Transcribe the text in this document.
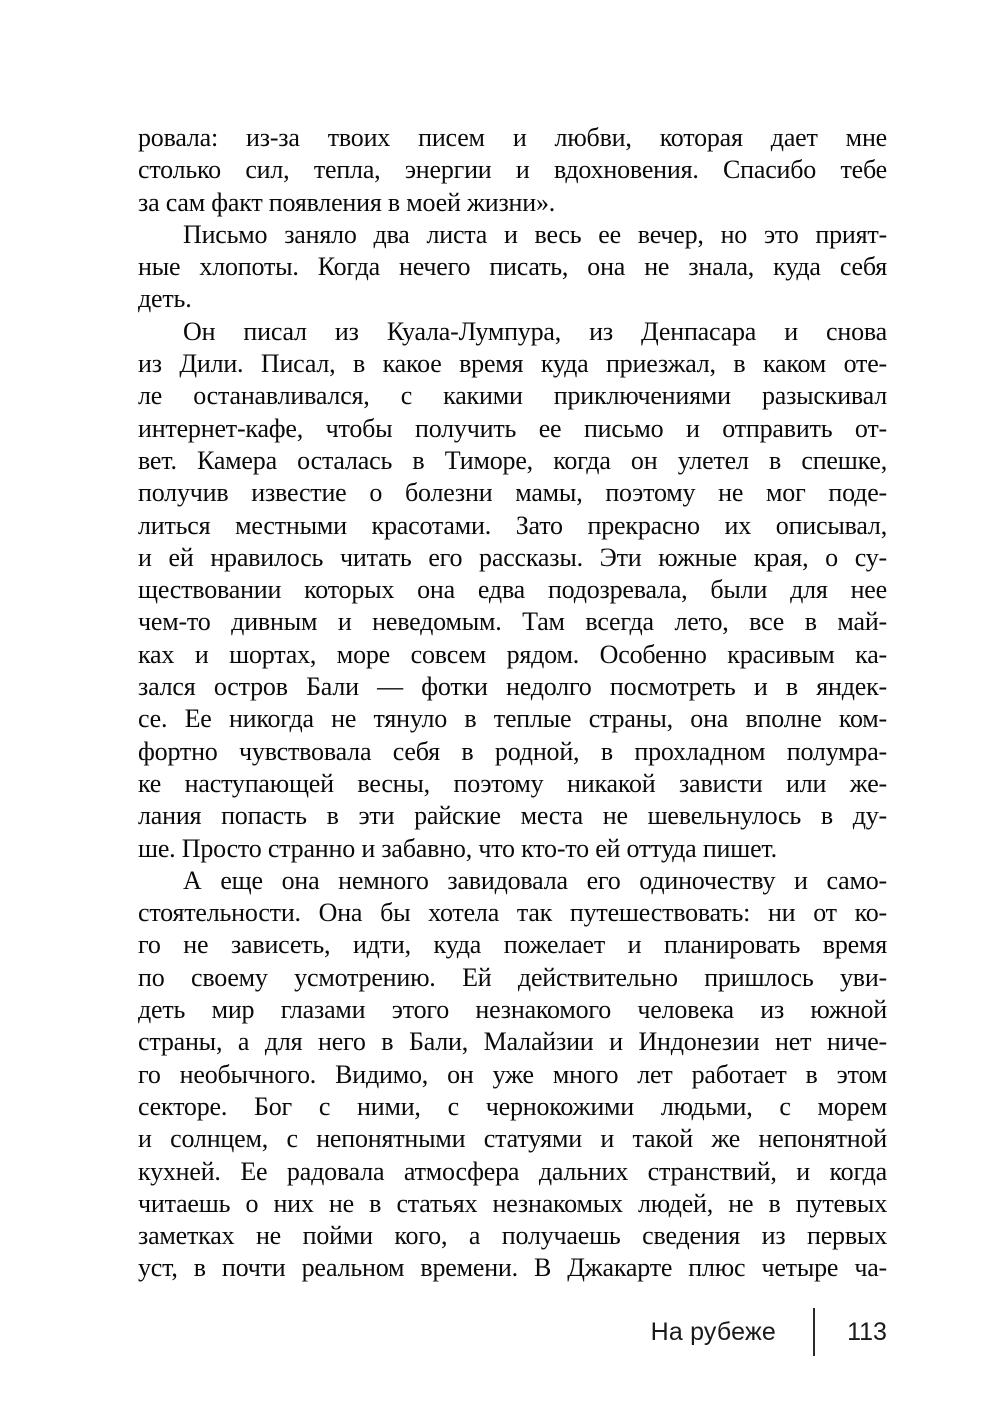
ровала: из-за твоих писем и любви, которая дает мне
столько сил, тепла, энергии и вдохновения. Спасибо тебе
за сам факт появления в моей жизни».
Письмо заняло два листа и весь ее вечер, но это прият-
ные хлопоты. Когда нечего писать, она не знала, куда себя
деть.
Он писал из Куала-Лумпура, из Денпасара и снова
из Дили. Писал, в какое время куда приезжал, в каком оте-
ле останавливался, с какими приключениями разыскивал
интернет-кафе, чтобы получить ее письмо и отправить от-
вет. Камера осталась в Тиморе, когда он улетел в спешке,
получив известие о болезни мамы, поэтому не мог поде-
литься местными красотами. Зато прекрасно их описывал,
и ей нравилось читать его рассказы. Эти южные края, о су-
ществовании которых она едва подозревала, были для нее
чем-то дивным и неведомым. Там всегда лето, все в май-
ках и шортах, море совсем рядом. Особенно красивым ка-
зался остров Бали — фотки недолго посмотреть и в яндек-
се. Ее никогда не тянуло в теплые страны, она вполне ком-
фортно чувствовала себя в родной, в прохладном полумра-
ке наступающей весны, поэтому никакой зависти или же-
лания попасть в эти райские места не шевельнулось в ду-
ше. Просто странно и забавно, что кто-то ей оттуда пишет.
А еще она немного завидовала его одиночеству и само-
стоятельности. Она бы хотела так путешествовать: ни от ко-
го не зависеть, идти, куда пожелает и планировать время
по своему усмотрению. Ей действительно пришлось уви-
деть мир глазами этого незнакомого человека из южной
страны, а для него в Бали, Малайзии и Индонезии нет ниче-
го необычного. Видимо, он уже много лет работает в этом
секторе. Бог с ними, с чернокожими людьми, с морем
и солнцем, с непонятными статуями и такой же непонятной
кухней. Ее радовала атмосфера дальних странствий, и когда
читаешь о них не в статьях незнакомых людей, не в путевых
заметках не пойми кого, а получаешь сведения из первых
уст, в почти реальном времени. В Джакарте плюс четыре ча-
На рубеже	113
